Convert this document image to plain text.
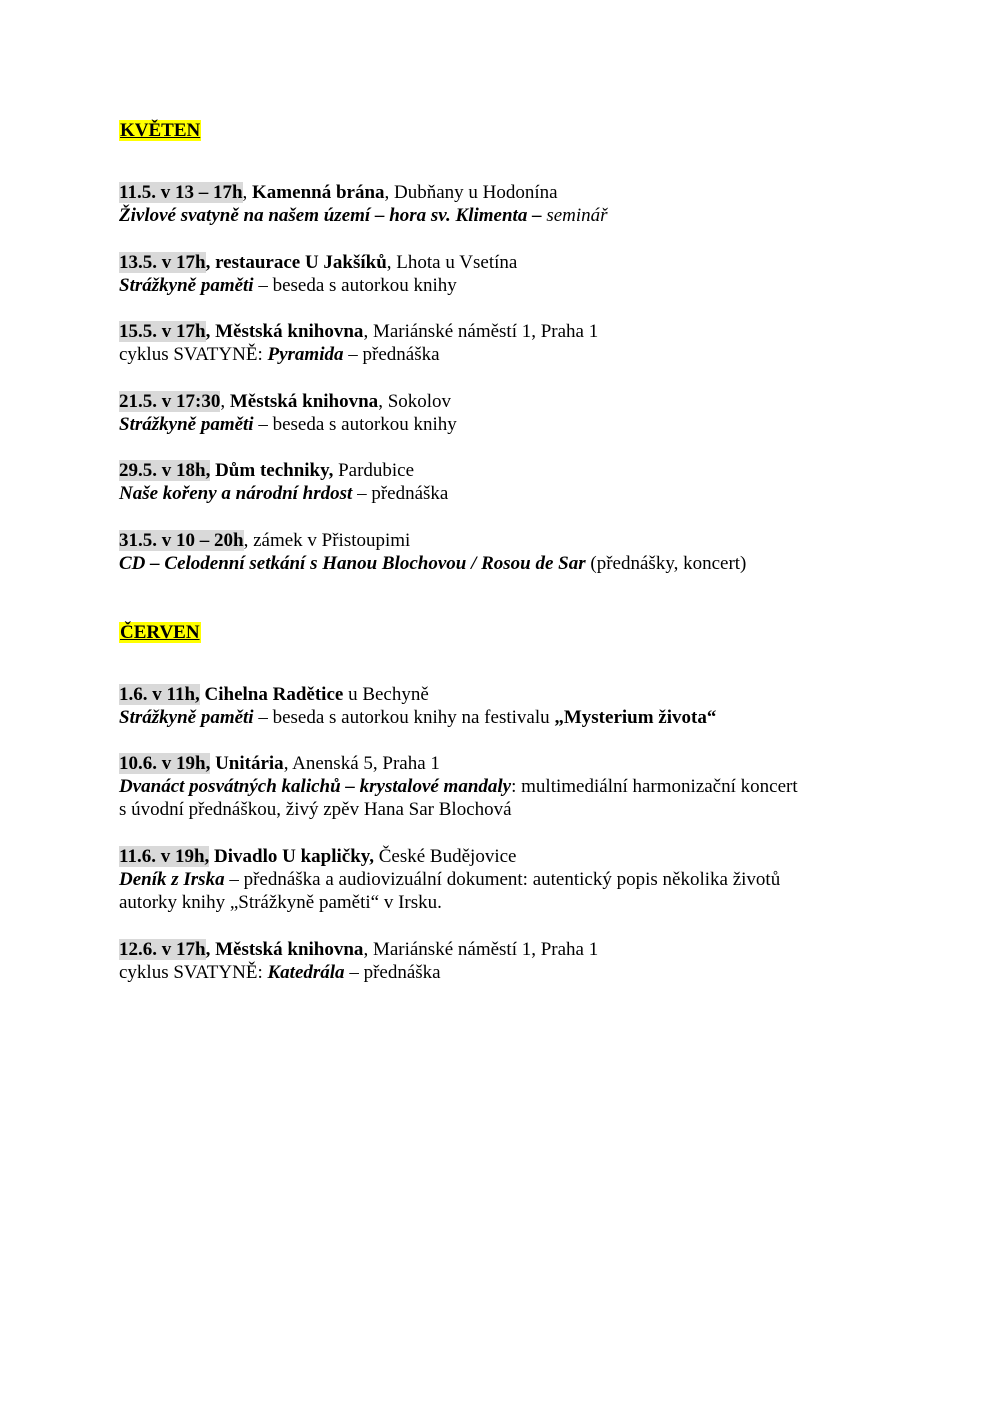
KVĚTEN
11.5. v 13 – 17h, Kamenná brána, Dubňany u Hodonína
Živlové svatyně na našem území – hora sv. Klimenta – seminář
13.5. v 17h, restaurace U Jakšíků, Lhota u Vsetína
Strážkyně paměti – beseda s autorkou knihy
15.5. v 17h, Městská knihovna, Mariánské náměstí 1, Praha 1
cyklus SVATYNĚ: Pyramida – přednáška
21.5. v 17:30, Městská knihovna, Sokolov
Strážkyně paměti – beseda s autorkou knihy
29.5. v 18h, Dům techniky, Pardubice
Naše kořeny a národní hrdost – přednáška
31.5. v 10 – 20h, zámek v Přistoupimi
CD – Celodenní setkání s Hanou Blochovou / Rosou de Sar (přednášky, koncert)
ČERVEN
1.6. v 11h, Cihelna Radětice u Bechyně
Strážkyně paměti – beseda s autorkou knihy na festivalu „Mysterium života“
10.6. v 19h, Unitária, Anenská 5, Praha 1
Dvanáct posvátných kalichů – krystalové mandaly: multimediální harmonizační koncert
s úvodní přednáškou, živý zpěv Hana Sar Blochová
11.6. v 19h, Divadlo U kapličky, České Budějovice
Deník z Irska – přednáška a audiovizuální dokument: autentický popis několika životů
autorky knihy „Strážkyně paměti“ v Irsku.
12.6. v 17h, Městská knihovna, Mariánské náměstí 1, Praha 1
cyklus SVATYNĚ: Katedrála – přednáška
